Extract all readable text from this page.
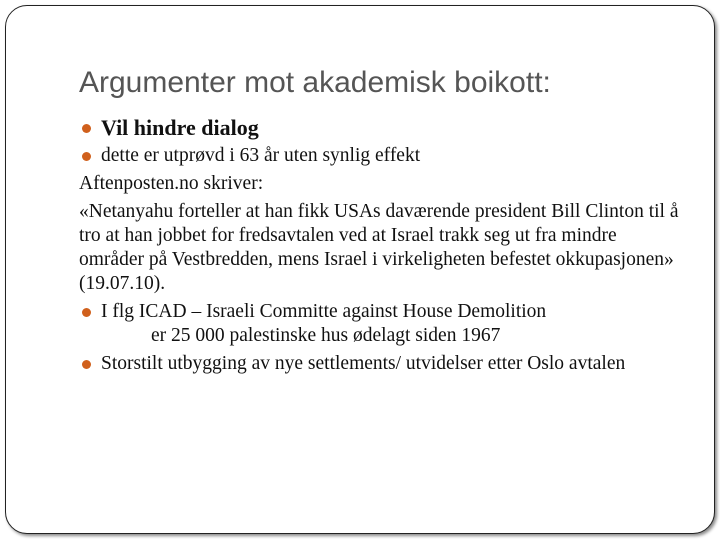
Argumenter mot akademisk boikott:
Vil hindre dialog
dette er utprøvd i 63 år uten synlig effekt
Aftenposten.no skriver:
«Netanyahu forteller at han fikk USAs daværende president Bill Clinton til å tro at han jobbet for fredsavtalen ved at Israel trakk seg ut fra mindre områder på Vestbredden, mens Israel i virkeligheten befestet okkupasjonen» (19.07.10).
I flg ICAD – Israeli Committe against House Demolition
er 25 000 palestinske hus ødelagt siden 1967
Storstilt utbygging av nye settlements/ utvidelser etter Oslo avtalen
